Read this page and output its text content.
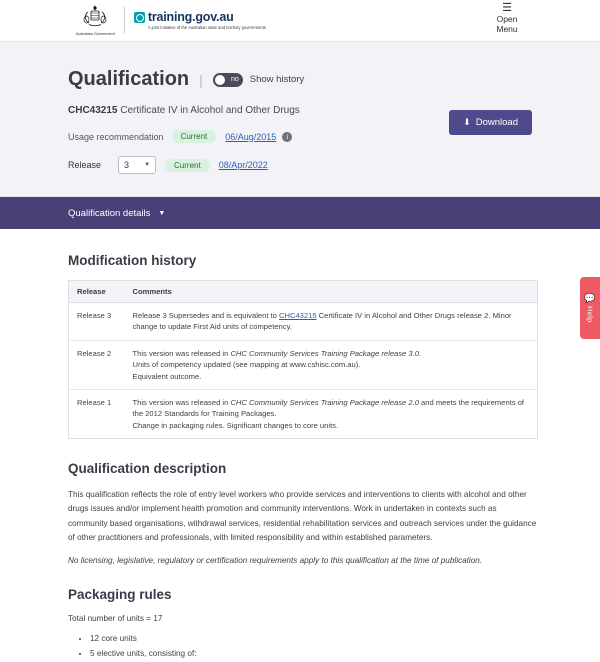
Australian Government
training.gov.au
A joint initiative of the Australian state and territory governments
☰
Open
Menu
Qualification |	no Show history
CHC43215 Certificate IV in Alcohol and Other Drugs
Usage recommendation	Current	06/Aug/2015	i
Release	3	▼	Current	08/Apr/2022
⬇ Download
Qualification details ▼
Modification history
Release	Comments
Release 3	Release 3 Supersedes and is equivalent to CHC43215 Certificate IV in Alcohol and Other Drugs release 2. Minor change to update First Aid units of competency.
Release 2	This version was released in CHC Community Services Training Package release 3.0.
Units of competency updated (see mapping at www.cshisc.com.au).
Equivalent outcome.
Release 1	This version was released in CHC Community Services Training Package release 2.0 and meets the requirements of the 2012 Standards for Training Packages.
Change in packaging rules. Significant changes to core units.
Qualification description

This qualification reflects the role of entry level workers who provide services and interventions to clients with alcohol and other drugs issues and/or implement health promotion and community interventions. Work in undertaken in contexts such as community based organisations, withdrawal services, residential rehabilitation services and outreach services under the guidance of other practitioners and professionals, with limited responsibility and within established parameters.

No licensing, legislative, regulatory or certification requirements apply to this qualification at the time of publication.

Packaging rules

Total number of units = 17

• 12 core units
• 5 elective units, consisting of:
💬
Help
